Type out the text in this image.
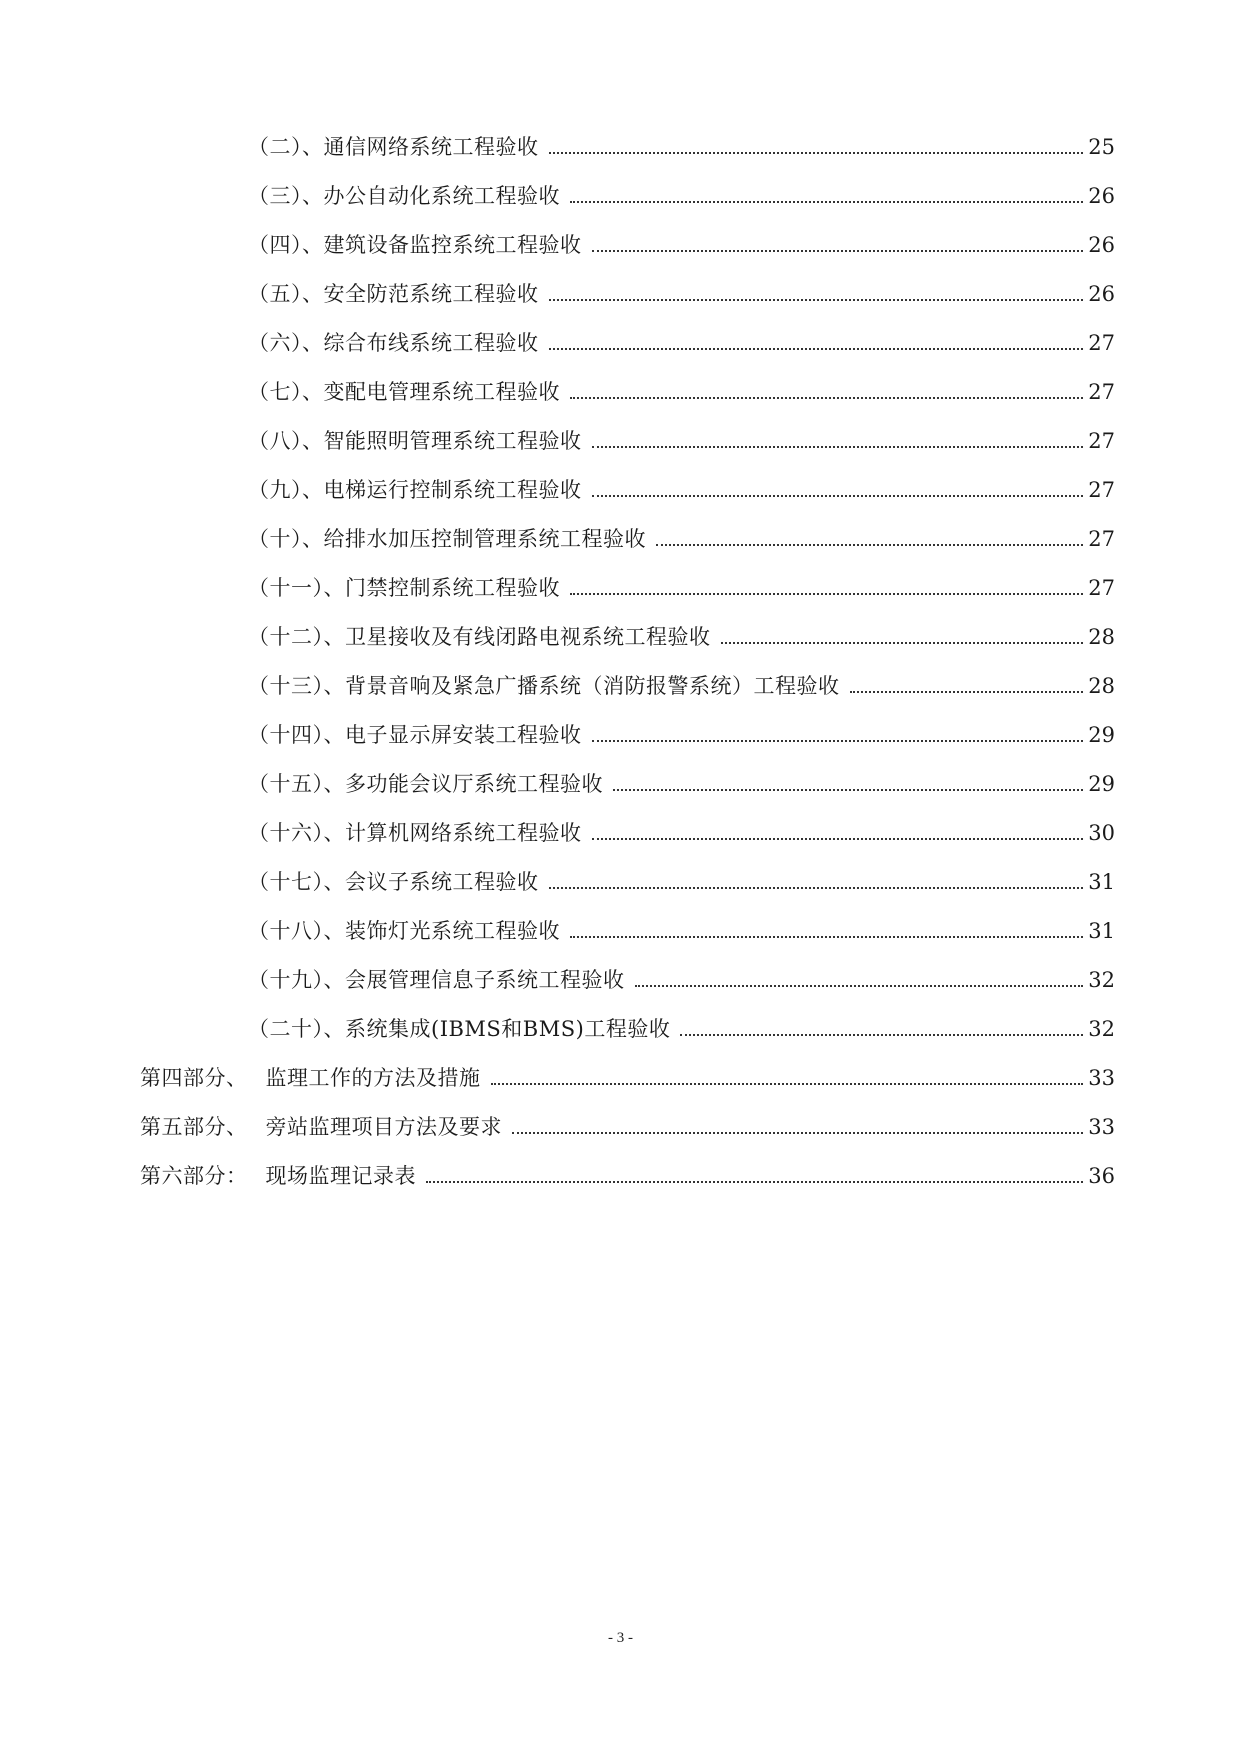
（二）、通信网络系统工程验收	25
（三）、办公自动化系统工程验收	26
（四）、建筑设备监控系统工程验收	26
（五）、安全防范系统工程验收	26
（六）、综合布线系统工程验收	27
（七）、变配电管理系统工程验收	27
（八）、智能照明管理系统工程验收	27
（九）、电梯运行控制系统工程验收	27
（十）、给排水加压控制管理系统工程验收	27
（十一）、门禁控制系统工程验收	27
（十二）、卫星接收及有线闭路电视系统工程验收	28
（十三）、背景音响及紧急广播系统（消防报警系统）工程验收	28
（十四）、电子显示屏安装工程验收	29
（十五）、多功能会议厅系统工程验收	29
（十六）、计算机网络系统工程验收	30
（十七）、会议子系统工程验收	31
（十八）、装饰灯光系统工程验收	31
（十九）、会展管理信息子系统工程验收	32
（二十）、系统集成(IBMS和BMS)工程验收	32
第四部分、 监理工作的方法及措施	33
第五部分、 旁站监理项目方法及要求	33
第六部分： 现场监理记录表	36
- 3 -
